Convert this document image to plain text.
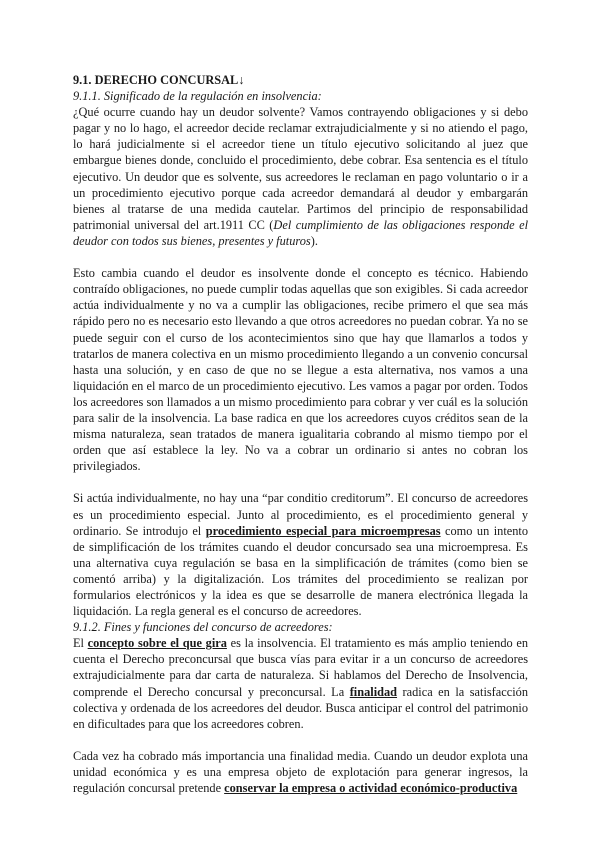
9.1. DERECHO CONCURSAL↓
9.1.1. Significado de la regulación en insolvencia:

¿Qué ocurre cuando hay un deudor solvente? Vamos contrayendo obligaciones y si debo pagar y no lo hago, el acreedor decide reclamar extrajudicialmente y si no atiendo el pago, lo hará judicialmente si el acreedor tiene un título ejecutivo solicitando al juez que embargue bienes donde, concluido el procedimiento, debe cobrar. Esa sentencia es el título ejecutivo. Un deudor que es solvente, sus acreedores le reclaman en pago voluntario o ir a un procedimiento ejecutivo porque cada acreedor demandará al deudor y embargarán bienes al tratarse de una medida cautelar. Partimos del principio de responsabilidad patrimonial universal del art.1911 CC (Del cumplimiento de las obligaciones responde el deudor con todos sus bienes, presentes y futuros).

Esto cambia cuando el deudor es insolvente donde el concepto es técnico. Habiendo contraído obligaciones, no puede cumplir todas aquellas que son exigibles. Si cada acreedor actúa individualmente y no va a cumplir las obligaciones, recibe primero el que sea más rápido pero no es necesario esto llevando a que otros acreedores no puedan cobrar. Ya no se puede seguir con el curso de los acontecimientos sino que hay que llamarlos a todos y tratarlos de manera colectiva en un mismo procedimiento llegando a un convenio concursal hasta una solución, y en caso de que no se llegue a esta alternativa, nos vamos a una liquidación en el marco de un procedimiento ejecutivo. Les vamos a pagar por orden. Todos los acreedores son llamados a un mismo procedimiento para cobrar y ver cuál es la solución para salir de la insolvencia. La base radica en que los acreedores cuyos créditos sean de la misma naturaleza, sean tratados de manera igualitaria cobrando al mismo tiempo por el orden que así establece la ley. No va a cobrar un ordinario si antes no cobran los privilegiados.

Si actúa individualmente, no hay una “par conditio creditorum”. El concurso de acreedores es un procedimiento especial. Junto al procedimiento, es el procedimiento general y ordinario. Se introdujo el procedimiento especial para microempresas como un intento de simplificación de los trámites cuando el deudor concursado sea una microempresa. Es una alternativa cuya regulación se basa en la simplificación de trámites (como bien se comentó arriba) y la digitalización. Los trámites del procedimiento se realizan por formularios electrónicos y la idea es que se desarrolle de manera electrónica llegada la liquidación. La regla general es el concurso de acreedores.

9.1.2. Fines y funciones del concurso de acreedores:

El concepto sobre el que gira es la insolvencia. El tratamiento es más amplio teniendo en cuenta el Derecho preconcursal que busca vías para evitar ir a un concurso de acreedores extrajudicialmente para dar carta de naturaleza. Si hablamos del Derecho de Insolvencia, comprende el Derecho concursal y preconcursal. La finalidad radica en la satisfacción colectiva y ordenada de los acreedores del deudor. Busca anticipar el control del patrimonio en dificultades para que los acreedores cobren.

Cada vez ha cobrado más importancia una finalidad media. Cuando un deudor explota una unidad económica y es una empresa objeto de explotación para generar ingresos, la regulación concursal pretende conservar la empresa o actividad económico-productiva
